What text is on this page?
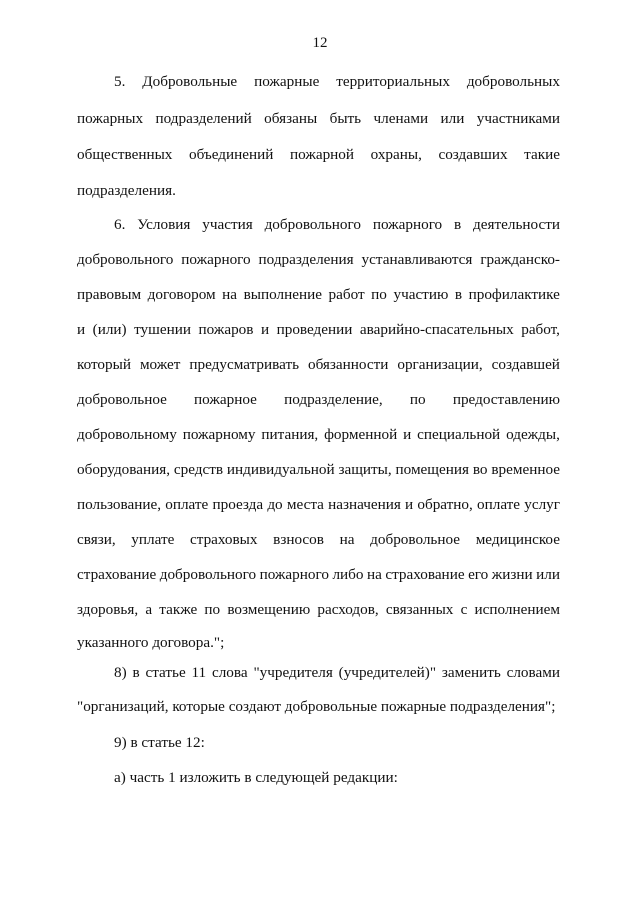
12
5. Добровольные пожарные территориальных добровольных
пожарных подразделений обязаны быть членами или участниками
общественных объединений пожарной охраны, создавших такие
подразделения.
6. Условия участия добровольного пожарного в деятельности
добровольного пожарного подразделения устанавливаются гражданско-
правовым договором на выполнение работ по участию в профилактике
и (или) тушении пожаров и проведении аварийно-спасательных работ,
который может предусматривать обязанности организации, создавшей
добровольное пожарное подразделение, по предоставлению
добровольному пожарному питания, форменной и специальной одежды,
оборудования, средств индивидуальной защиты, помещения во временное
пользование, оплате проезда до места назначения и обратно, оплате услуг
связи, уплате страховых взносов на добровольное медицинское
страхование добровольного пожарного либо на страхование его жизни или
здоровья, а также по возмещению расходов, связанных с исполнением
указанного договора.";
8) в статье 11 слова "учредителя (учредителей)" заменить словами
"организаций, которые создают добровольные пожарные подразделения";
9) в статье 12:
а) часть 1 изложить в следующей редакции:
